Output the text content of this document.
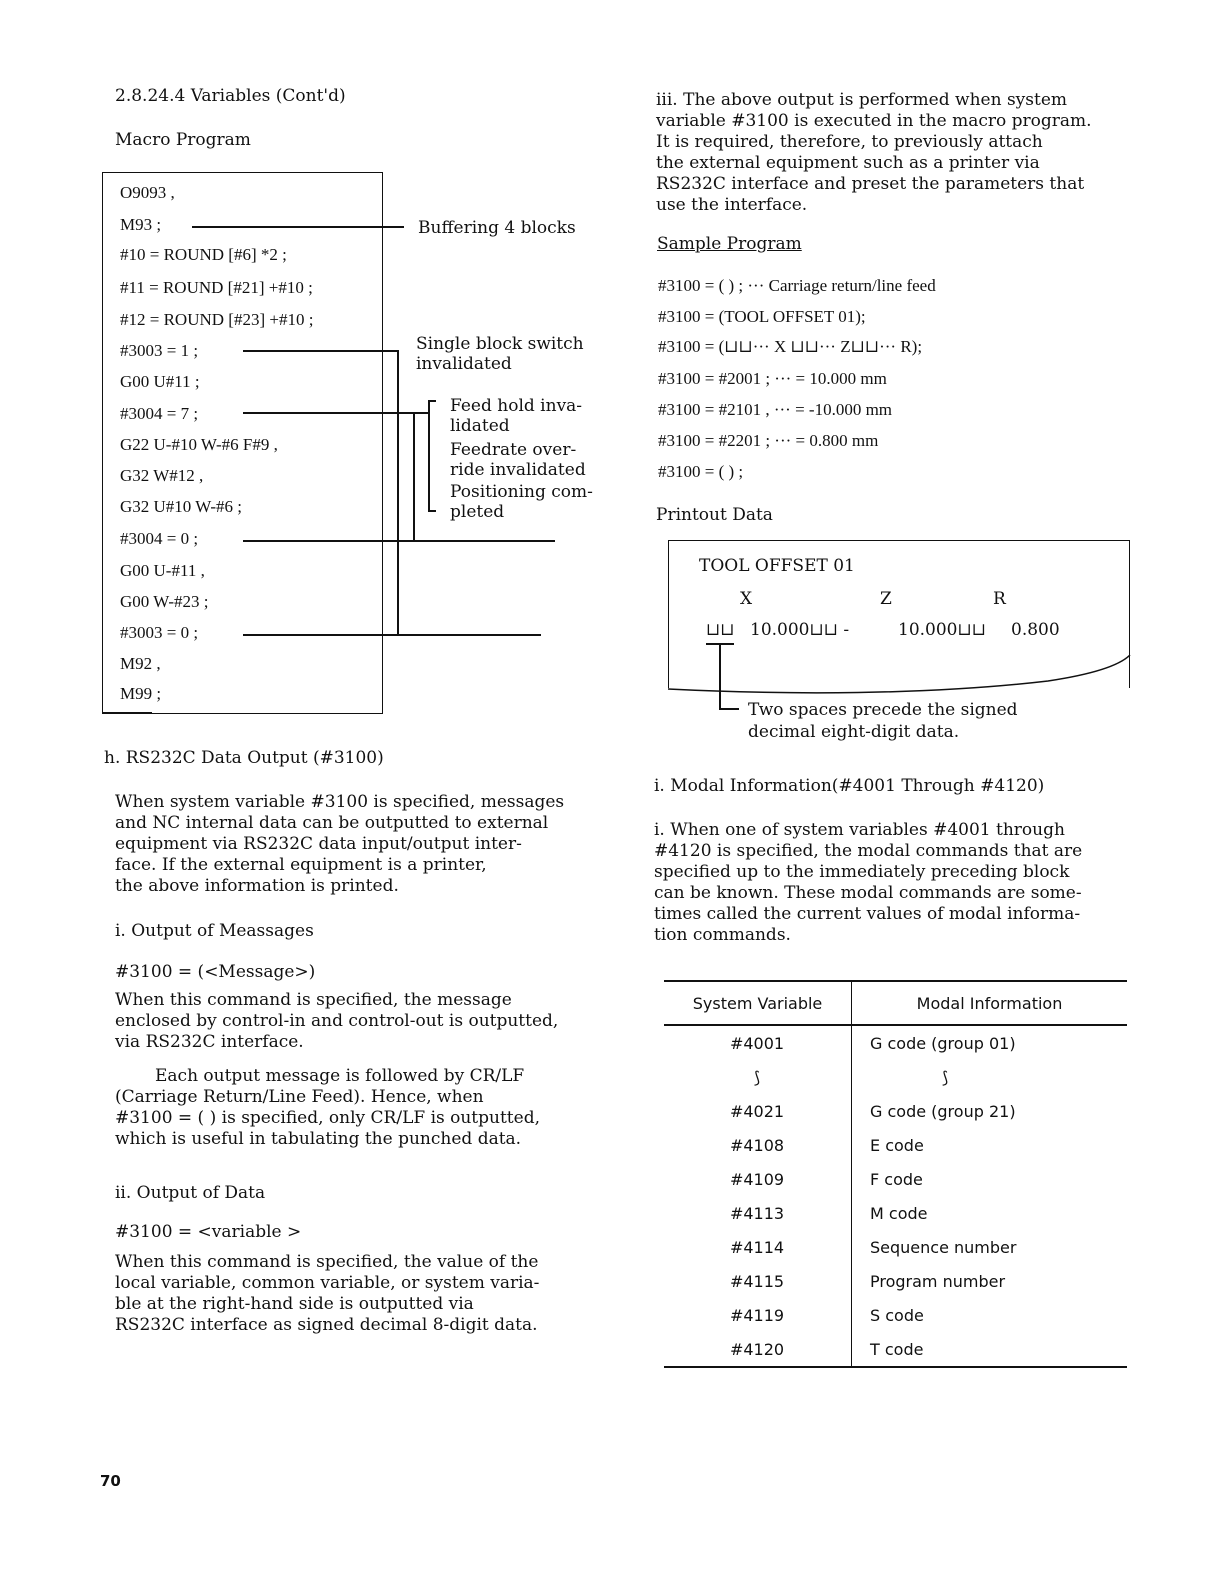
2.8.24.4 Variables (Cont'd)
Macro Program
O9093 ,
M93 ;
#10 = ROUND [#6] *2 ;
#11 = ROUND [#21] +#10 ;
#12 = ROUND [#23] +#10 ;
#3003 = 1 ;
G00 U#11 ;
#3004 = 7 ;
G22 U-#10 W-#6 F#9 ,
G32 W#12 ,
G32 U#10 W-#6 ;
#3004 = 0 ;
G00 U-#11 ,
G00 W-#23 ;
#3003 = 0 ;
M92 ,
M99 ;
Buffering 4 blocks
Single block switch
invalidated
Feed hold inva-
lidated
Feedrate over-
ride invalidated
Positioning com-
pleted
h. RS232C Data Output (#3100)
When system variable #3100 is specified, messages
and NC internal data can be outputted to external
equipment via RS232C data input/output inter-
face. If the external equipment is a printer,
the above information is printed.
i. Output of Meassages
#3100 = (<Message>)
When this command is specified, the message
enclosed by control-in and control-out is outputted,
via RS232C interface.
Each output message is followed by CR/LF
(Carriage Return/Line Feed). Hence, when
#3100 = ( ) is specified, only CR/LF is outputted,
which is useful in tabulating the punched data.
ii. Output of Data
#3100 = <variable >
When this command is specified, the value of the
local variable, common variable, or system varia-
ble at the right-hand side is outputted via
RS232C interface as signed decimal 8-digit data.
70
iii. The above output is performed when system
variable #3100 is executed in the macro program.
It is required, therefore, to previously attach
the external equipment such as a printer via
RS232C interface and preset the parameters that
use the interface.
Sample Program
#3100 = ( ) ; ··· Carriage return/line feed
#3100 = (TOOL OFFSET 01);
#3100 = (⊔⊔··· X ⊔⊔··· Z⊔⊔··· R);
#3100 = #2001 ; ··· = 10.000 mm
#3100 = #2101 , ··· = -10.000 mm
#3100 = #2201 ; ··· = 0.800 mm
#3100 = ( ) ;
Printout Data
TOOL OFFSET 01
X	Z	R
⊔⊔ 10.000⊔⊔ -	10.000⊔⊔ 0.800
Two spaces precede the signed
decimal eight-digit data.
i. Modal Information(#4001 Through #4120)
i. When one of system variables #4001 through
#4120 is specified, the modal commands that are
specified up to the immediately preceding block
can be known. These modal commands are some-
times called the current values of modal informa-
tion commands.
System Variable	Modal Information
#4001	G code (group 01)
⟆	⟆
#4021	G code (group 21)
#4108	E code
#4109	F code
#4113	M code
#4114	Sequence number
#4115	Program number
#4119	S code
#4120	T code
